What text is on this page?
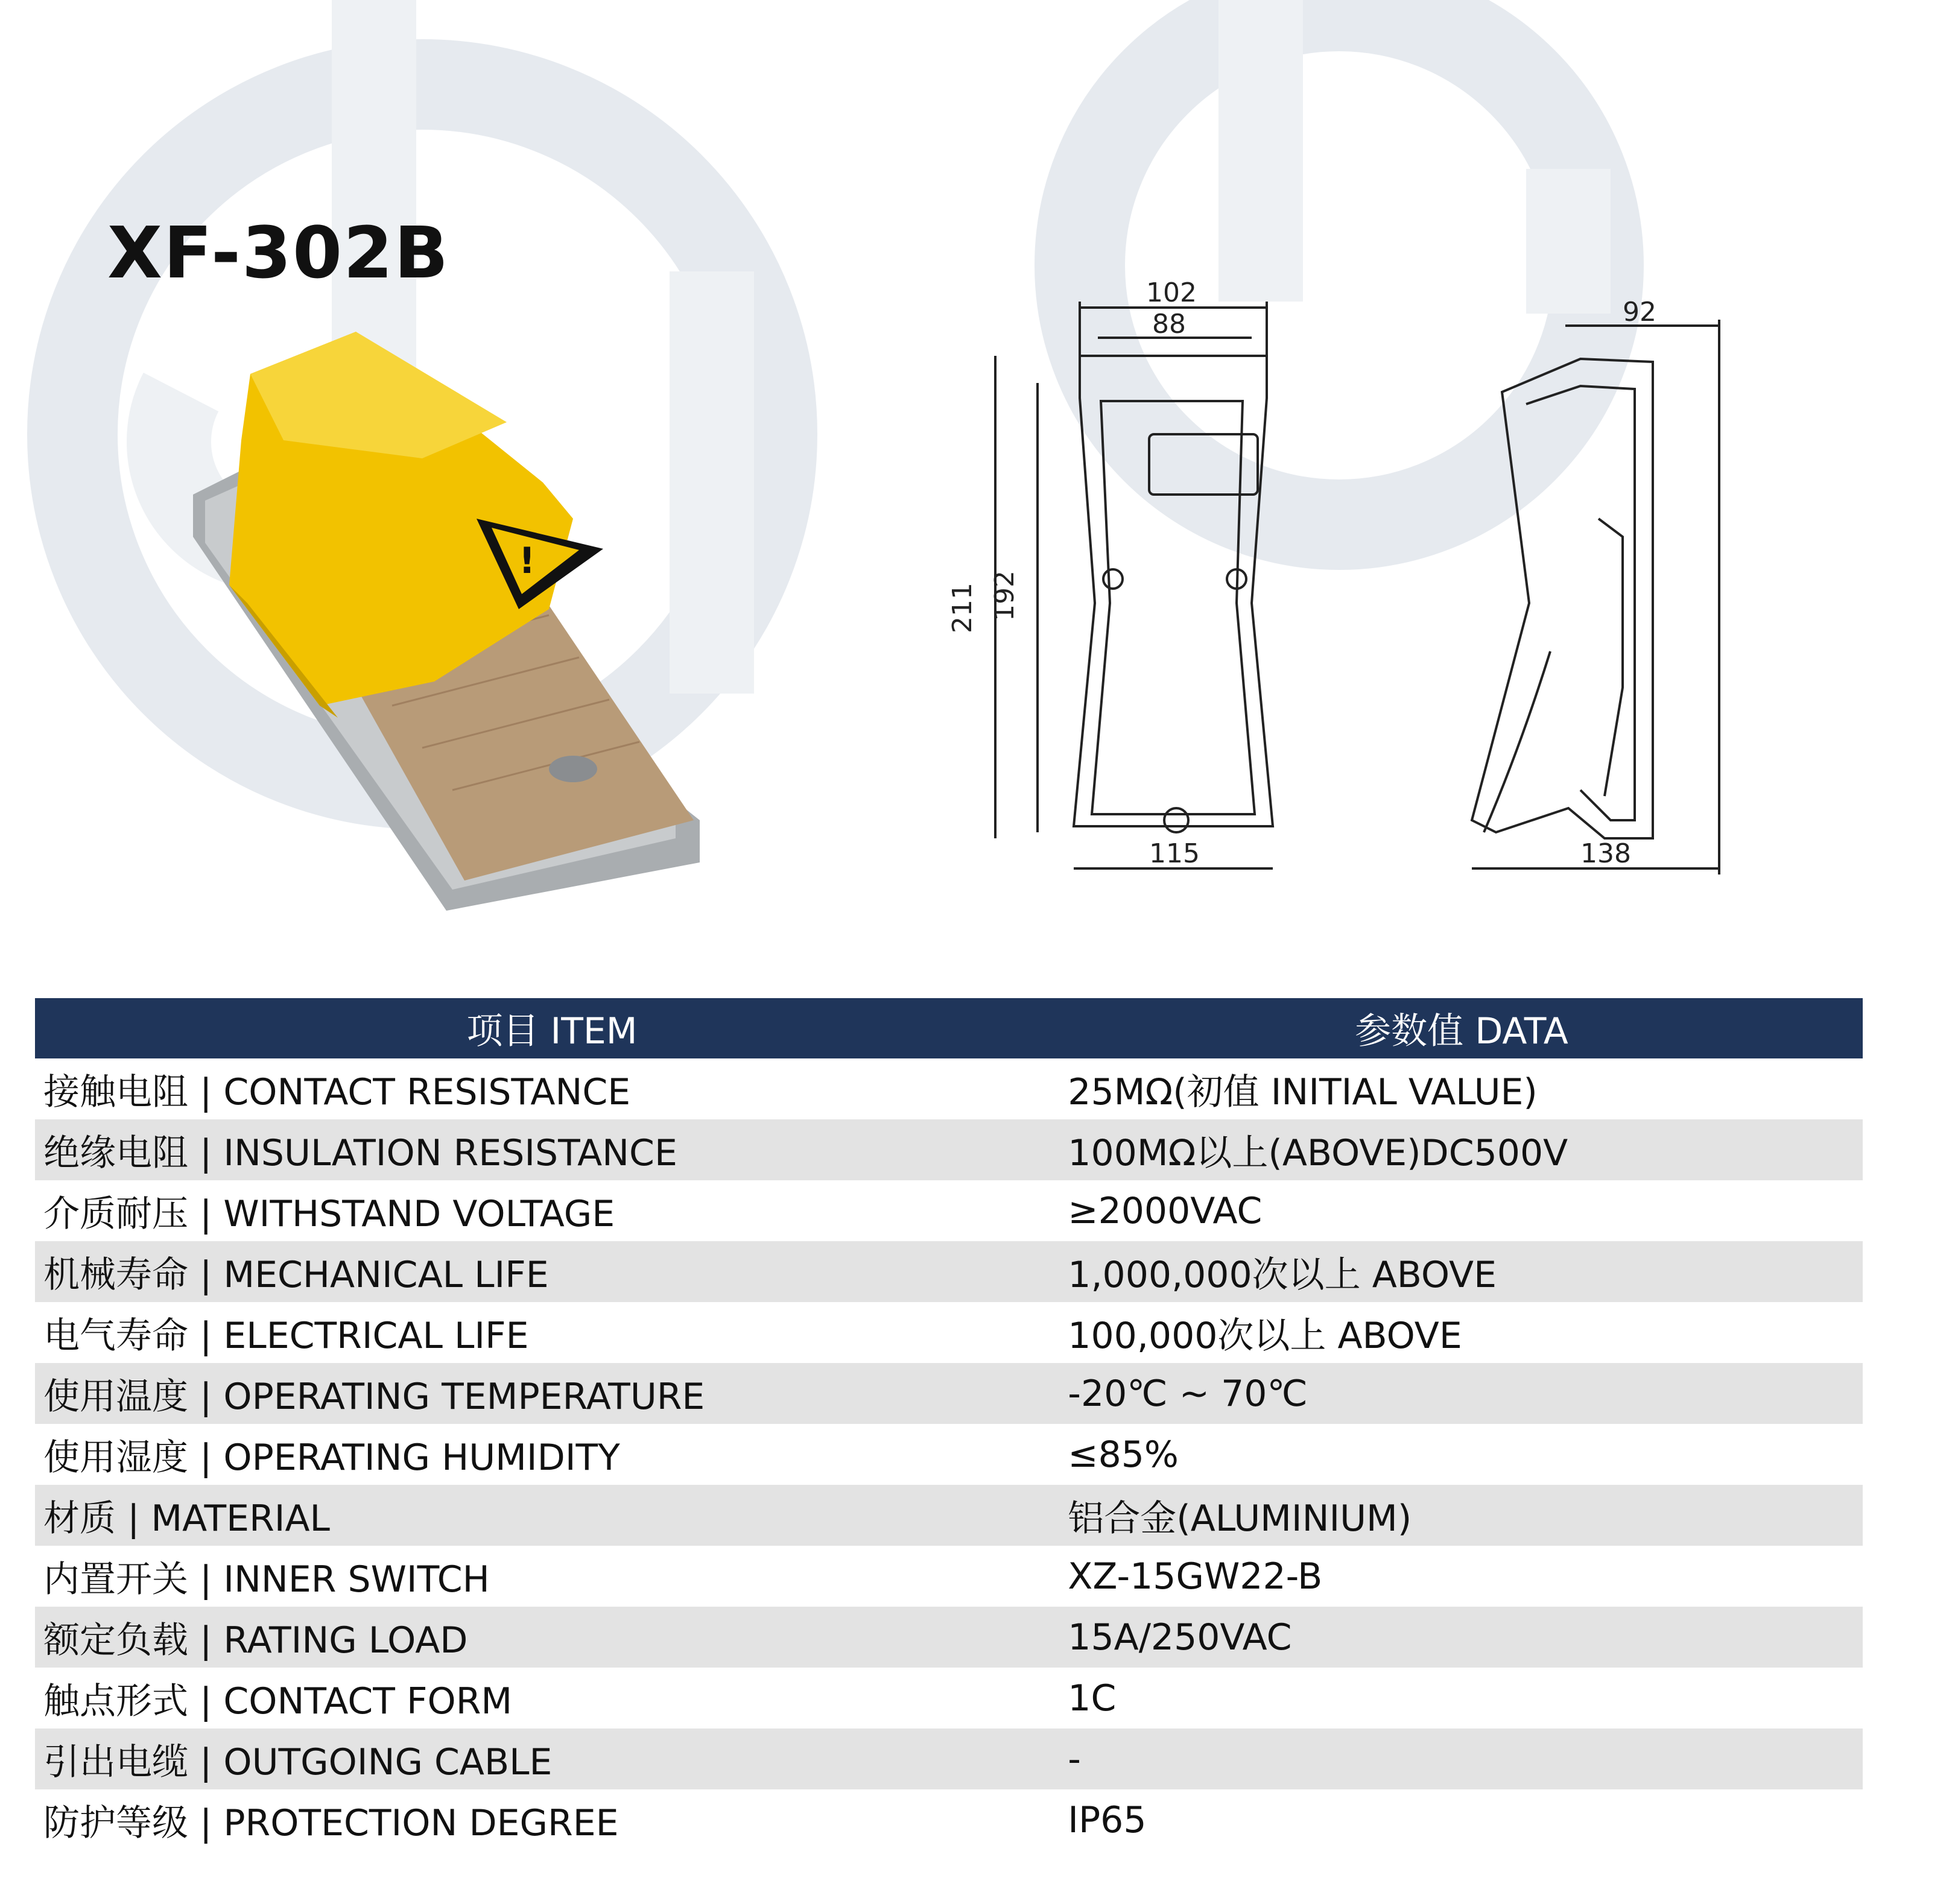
XF-302B
!
102
88	92
211 192
115	138
项目 ITEM	参数值 DATA
接触电阻 | CONTACT RESISTANCE	25MΩ(初值 INITIAL VALUE)
绝缘电阻 | INSULATION RESISTANCE	100MΩ以上(ABOVE)DC500V
介质耐压 | WITHSTAND VOLTAGE	≥2000VAC
机械寿命 | MECHANICAL LIFE	1,000,000次以上 ABOVE
电气寿命 | ELECTRICAL LIFE	100,000次以上 ABOVE
使用温度 | OPERATING TEMPERATURE	-20℃ ~ 70℃
使用湿度 | OPERATING HUMIDITY	≤85%
材质 | MATERIAL	铝合金(ALUMINIUM)
内置开关 | INNER SWITCH	XZ-15GW22-B
额定负载 | RATING LOAD	15A/250VAC
触点形式 | CONTACT FORM	1C
引出电缆 | OUTGOING CABLE	-
防护等级 | PROTECTION DEGREE	IP65
